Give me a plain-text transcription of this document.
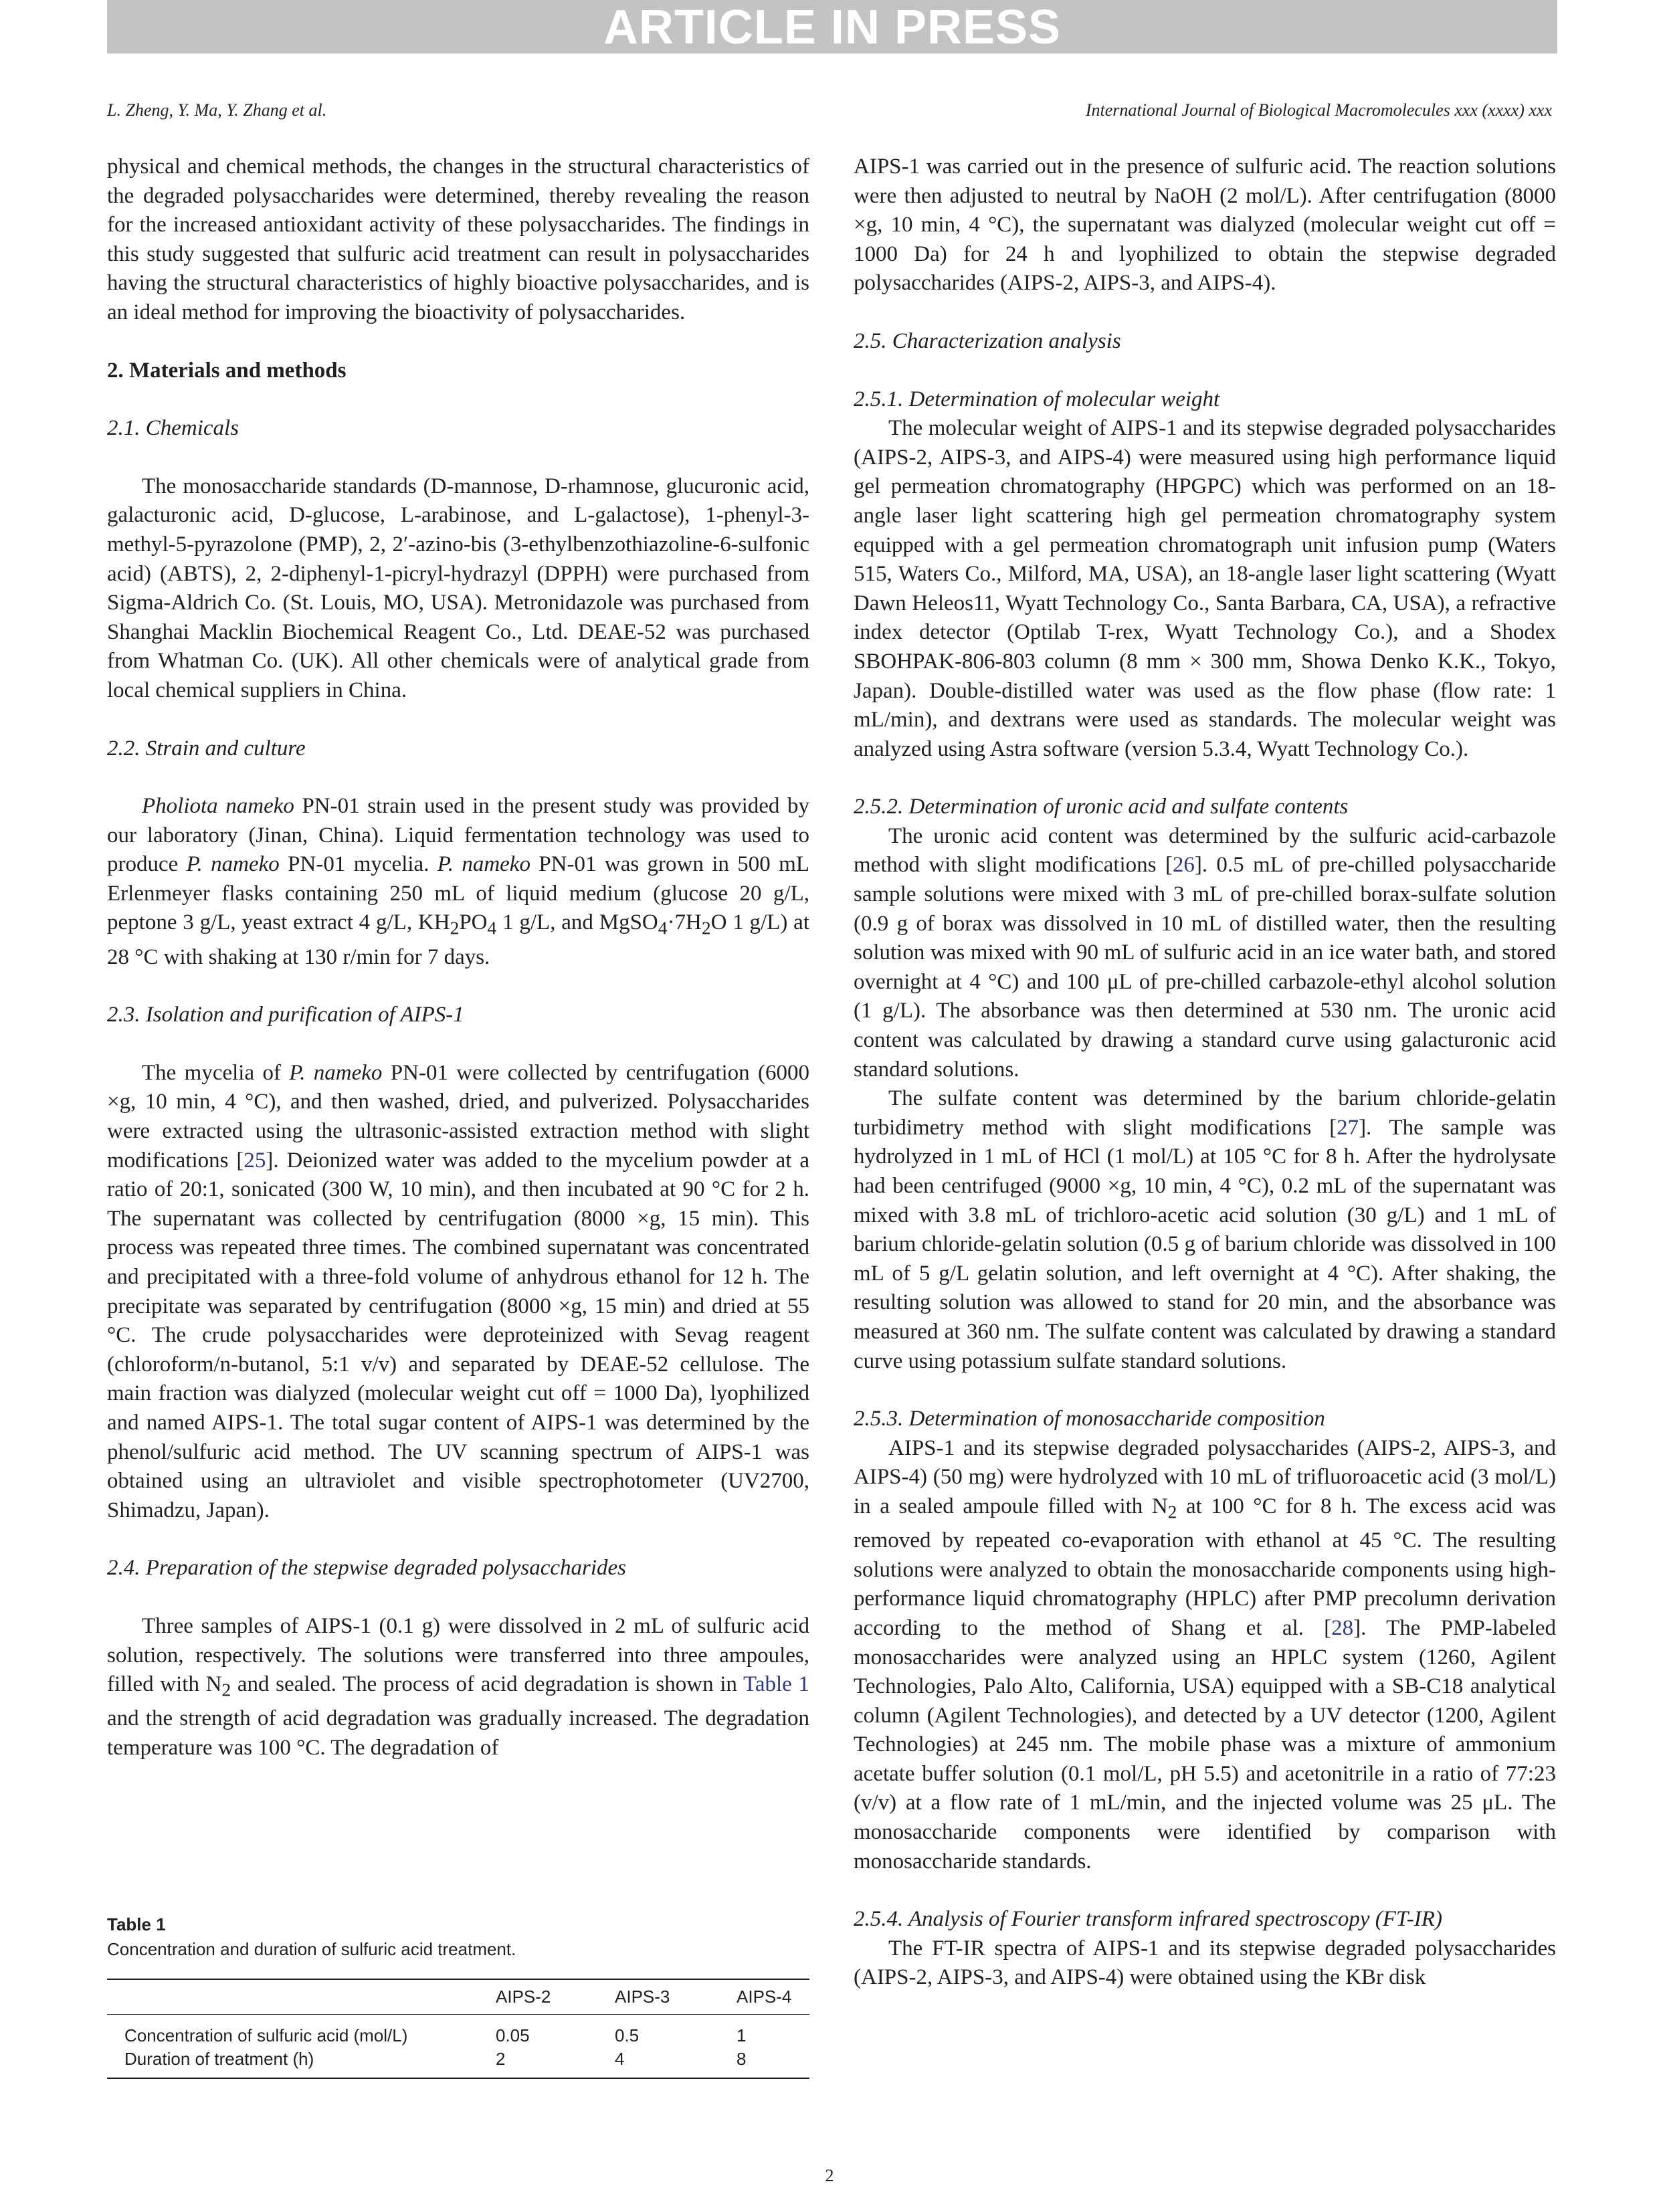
ARTICLE IN PRESS
L. Zheng, Y. Ma, Y. Zhang et al.	International Journal of Biological Macromolecules xxx (xxxx) xxx

physical and chemical methods, the changes in the structural characteristics of the degraded polysaccharides were determined, thereby revealing the reason for the increased antioxidant activity of these polysaccharides. The findings in this study suggested that sulfuric acid treatment can result in polysaccharides having the structural characteristics of highly bioactive polysaccharides, and is an ideal method for improving the bioactivity of polysaccharides.

2. Materials and methods
2.1. Chemicals

The monosaccharide standards (D-mannose, D-rhamnose, glucuronic acid, galacturonic acid, D-glucose, L-arabinose, and L-galactose), 1-phenyl-3-methyl-5-pyrazolone (PMP), 2, 2′-azino-bis (3-ethylbenzothiazoline-6-sulfonic acid) (ABTS), 2, 2-diphenyl-1-picryl-hydrazyl (DPPH) were purchased from Sigma-Aldrich Co. (St. Louis, MO, USA). Metronidazole was purchased from Shanghai Macklin Biochemical Reagent Co., Ltd. DEAE-52 was purchased from Whatman Co. (UK). All other chemicals were of analytical grade from local chemical suppliers in China.

2.2. Strain and culture

Pholiota nameko PN-01 strain used in the present study was provided by our laboratory (Jinan, China). Liquid fermentation technology was used to produce P. nameko PN-01 mycelia. P. nameko PN-01 was grown in 500 mL Erlenmeyer flasks containing 250 mL of liquid medium (glucose 20 g/L, peptone 3 g/L, yeast extract 4 g/L, $KH_2PO_4$ 1 g/L, and $MgSO_4\cdot 7H_2O$ 1 g/L) at 28 °C with shaking at 130 r/min for 7 days.

2.3. Isolation and purification of AIPS-1

The mycelia of P. nameko PN-01 were collected by centrifugation (6000 ×g, 10 min, 4 °C), and then washed, dried, and pulverized. Polysaccharides were extracted using the ultrasonic-assisted extraction method with slight modifications [25]. Deionized water was added to the mycelium powder at a ratio of 20:1, sonicated (300 W, 10 min), and then incubated at 90 °C for 2 h. The supernatant was collected by centrifugation (8000 ×g, 15 min). This process was repeated three times. The combined supernatant was concentrated and precipitated with a three-fold volume of anhydrous ethanol for 12 h. The precipitate was separated by centrifugation (8000 ×g, 15 min) and dried at 55 °C. The crude polysaccharides were deproteinized with Sevag reagent (chloroform/n-butanol, 5:1 v/v) and separated by DEAE-52 cellulose. The main fraction was dialyzed (molecular weight cut off = 1000 Da), lyophilized and named AIPS-1. The total sugar content of AIPS-1 was determined by the phenol/sulfuric acid method. The UV scanning spectrum of AIPS-1 was obtained using an ultraviolet and visible spectrophotometer (UV2700, Shimadzu, Japan).

2.4. Preparation of the stepwise degraded polysaccharides

Three samples of AIPS-1 (0.1 g) were dissolved in 2 mL of sulfuric acid solution, respectively. The solutions were transferred into three ampoules, filled with $N_2$ and sealed. The process of acid degradation is shown in Table 1 and the strength of acid degradation was gradually increased. The degradation temperature was 100 °C. The degradation of

Table 1
Concentration and duration of sulfuric acid treatment.
	AIPS-2	AIPS-3	AIPS-4
Concentration of sulfuric acid (mol/L)	0.05	0.5	1
Duration of treatment (h)	2	4	8

AIPS-1 was carried out in the presence of sulfuric acid. The reaction solutions were then adjusted to neutral by NaOH (2 mol/L). After centrifugation (8000 ×g, 10 min, 4 °C), the supernatant was dialyzed (molecular weight cut off = 1000 Da) for 24 h and lyophilized to obtain the stepwise degraded polysaccharides (AIPS-2, AIPS-3, and AIPS-4).

2.5. Characterization analysis
2.5.1. Determination of molecular weight

The molecular weight of AIPS-1 and its stepwise degraded polysaccharides (AIPS-2, AIPS-3, and AIPS-4) were measured using high performance liquid gel permeation chromatography (HPGPC) which was performed on an 18-angle laser light scattering high gel permeation chromatography system equipped with a gel permeation chromatograph unit infusion pump (Waters 515, Waters Co., Milford, MA, USA), an 18-angle laser light scattering (Wyatt Dawn Heleos11, Wyatt Technology Co., Santa Barbara, CA, USA), a refractive index detector (Optilab T-rex, Wyatt Technology Co.), and a Shodex SBOHPAK-806-803 column (8 mm × 300 mm, Showa Denko K.K., Tokyo, Japan). Double-distilled water was used as the flow phase (flow rate: 1 mL/min), and dextrans were used as standards. The molecular weight was analyzed using Astra software (version 5.3.4, Wyatt Technology Co.).

2.5.2. Determination of uronic acid and sulfate contents

The uronic acid content was determined by the sulfuric acid-carbazole method with slight modifications [26]. 0.5 mL of pre-chilled polysaccharide sample solutions were mixed with 3 mL of pre-chilled borax-sulfate solution (0.9 g of borax was dissolved in 10 mL of distilled water, then the resulting solution was mixed with 90 mL of sulfuric acid in an ice water bath, and stored overnight at 4 °C) and 100 μL of pre-chilled carbazole-ethyl alcohol solution (1 g/L). The absorbance was then determined at 530 nm. The uronic acid content was calculated by drawing a standard curve using galacturonic acid standard solutions.

The sulfate content was determined by the barium chloride-gelatin turbidimetry method with slight modifications [27]. The sample was hydrolyzed in 1 mL of HCl (1 mol/L) at 105 °C for 8 h. After the hydrolysate had been centrifuged (9000 ×g, 10 min, 4 °C), 0.2 mL of the supernatant was mixed with 3.8 mL of trichloro-acetic acid solution (30 g/L) and 1 mL of barium chloride-gelatin solution (0.5 g of barium chloride was dissolved in 100 mL of 5 g/L gelatin solution, and left overnight at 4 °C). After shaking, the resulting solution was allowed to stand for 20 min, and the absorbance was measured at 360 nm. The sulfate content was calculated by drawing a standard curve using potassium sulfate standard solutions.

2.5.3. Determination of monosaccharide composition

AIPS-1 and its stepwise degraded polysaccharides (AIPS-2, AIPS-3, and AIPS-4) (50 mg) were hydrolyzed with 10 mL of trifluoroacetic acid (3 mol/L) in a sealed ampoule filled with $N_2$ at 100 °C for 8 h. The excess acid was removed by repeated co-evaporation with ethanol at 45 °C. The resulting solutions were analyzed to obtain the monosaccharide components using high-performance liquid chromatography (HPLC) after PMP precolumn derivation according to the method of Shang et al. [28]. The PMP-labeled monosaccharides were analyzed using an HPLC system (1260, Agilent Technologies, Palo Alto, California, USA) equipped with a SB-C18 analytical column (Agilent Technologies), and detected by a UV detector (1200, Agilent Technologies) at 245 nm. The mobile phase was a mixture of ammonium acetate buffer solution (0.1 mol/L, pH 5.5) and acetonitrile in a ratio of 77:23 (v/v) at a flow rate of 1 mL/min, and the injected volume was 25 μL. The monosaccharide components were identified by comparison with monosaccharide standards.

2.5.4. Analysis of Fourier transform infrared spectroscopy (FT-IR)

The FT-IR spectra of AIPS-1 and its stepwise degraded polysaccharides (AIPS-2, AIPS-3, and AIPS-4) were obtained using the KBr disk

2
